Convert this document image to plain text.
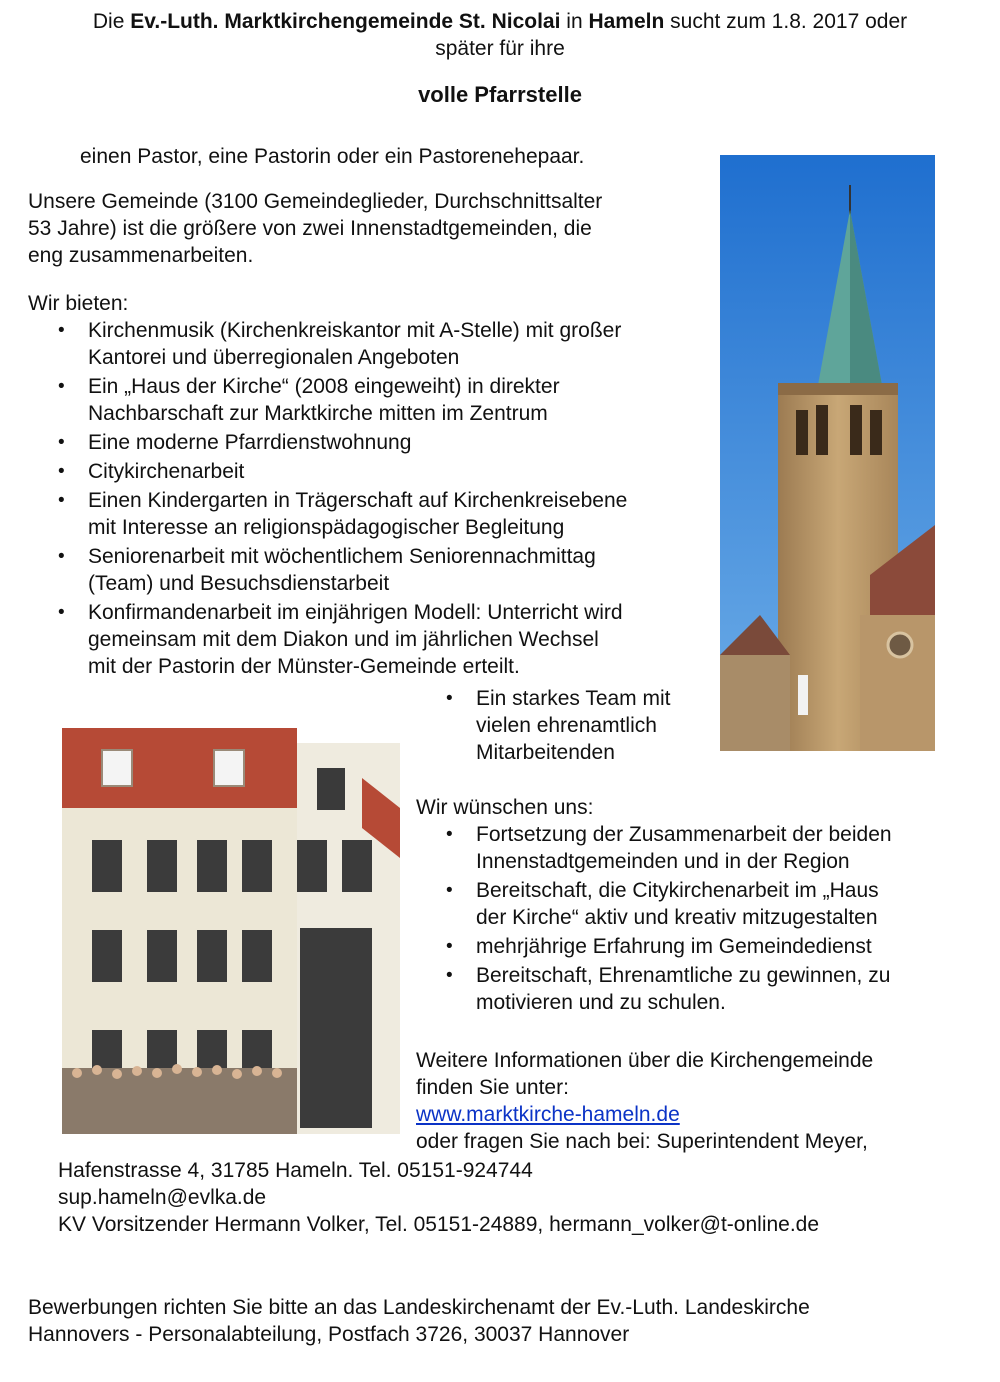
Die Ev.-Luth. Marktkirchengemeinde St. Nicolai in Hameln sucht zum 1.8. 2017 oder
später für ihre
volle Pfarrstelle
einen Pastor, eine Pastorin oder ein Pastorenehepaar.

Unsere Gemeinde (3100 Gemeindeglieder, Durchschnittsalter

53 Jahre) ist die größere von zwei Innenstadtgemeinden, die

eng zusammenarbeiten.

Wir bieten:

• Kirchenmusik (Kirchenkreiskantor mit A-Stelle) mit großer
Kantorei und überregionalen Angeboten
• Ein „Haus der Kirche“ (2008 eingeweiht) in direkter
Nachbarschaft zur Marktkirche mitten im Zentrum
• Eine moderne Pfarrdienstwohnung
• Citykirchenarbeit
• Einen Kindergarten in Trägerschaft auf Kirchenkreisebene
mit Interesse an religionspädagogischer Begleitung
• Seniorenarbeit mit wöchentlichem Seniorennachmittag
(Team) und Besuchsdienstarbeit
• Konfirmandenarbeit im einjährigen Modell: Unterricht wird
gemeinsam mit dem Diakon und im jährlichen Wechsel
mit der Pastorin der Münster-Gemeinde erteilt.
• Ein starkes Team mit
vielen ehrenamtlich
Mitarbeitenden

Wir wünschen uns:

• Fortsetzung der Zusammenarbeit der beiden
Innenstadtgemeinden und in der Region
• Bereitschaft, die Citykirchenarbeit im „Haus
der Kirche“ aktiv und kreativ mitzugestalten
• mehrjährige Erfahrung im Gemeindedienst
• Bereitschaft, Ehrenamtliche zu gewinnen, zu
motivieren und zu schulen.

Weitere Informationen über die Kirchengemeinde

finden Sie unter:

www.marktkirche-hameln.de

oder fragen Sie nach bei: Superintendent Meyer,

Hafenstrasse 4, 31785 Hameln. Tel. 05151-924744

sup.hameln@evlka.de

KV Vorsitzender Hermann Volker, Tel. 05151-24889, hermann_volker@t-online.de

Bewerbungen richten Sie bitte an das Landeskirchenamt der Ev.-Luth. Landeskirche

Hannovers - Personalabteilung, Postfach 3726, 30037 Hannover
